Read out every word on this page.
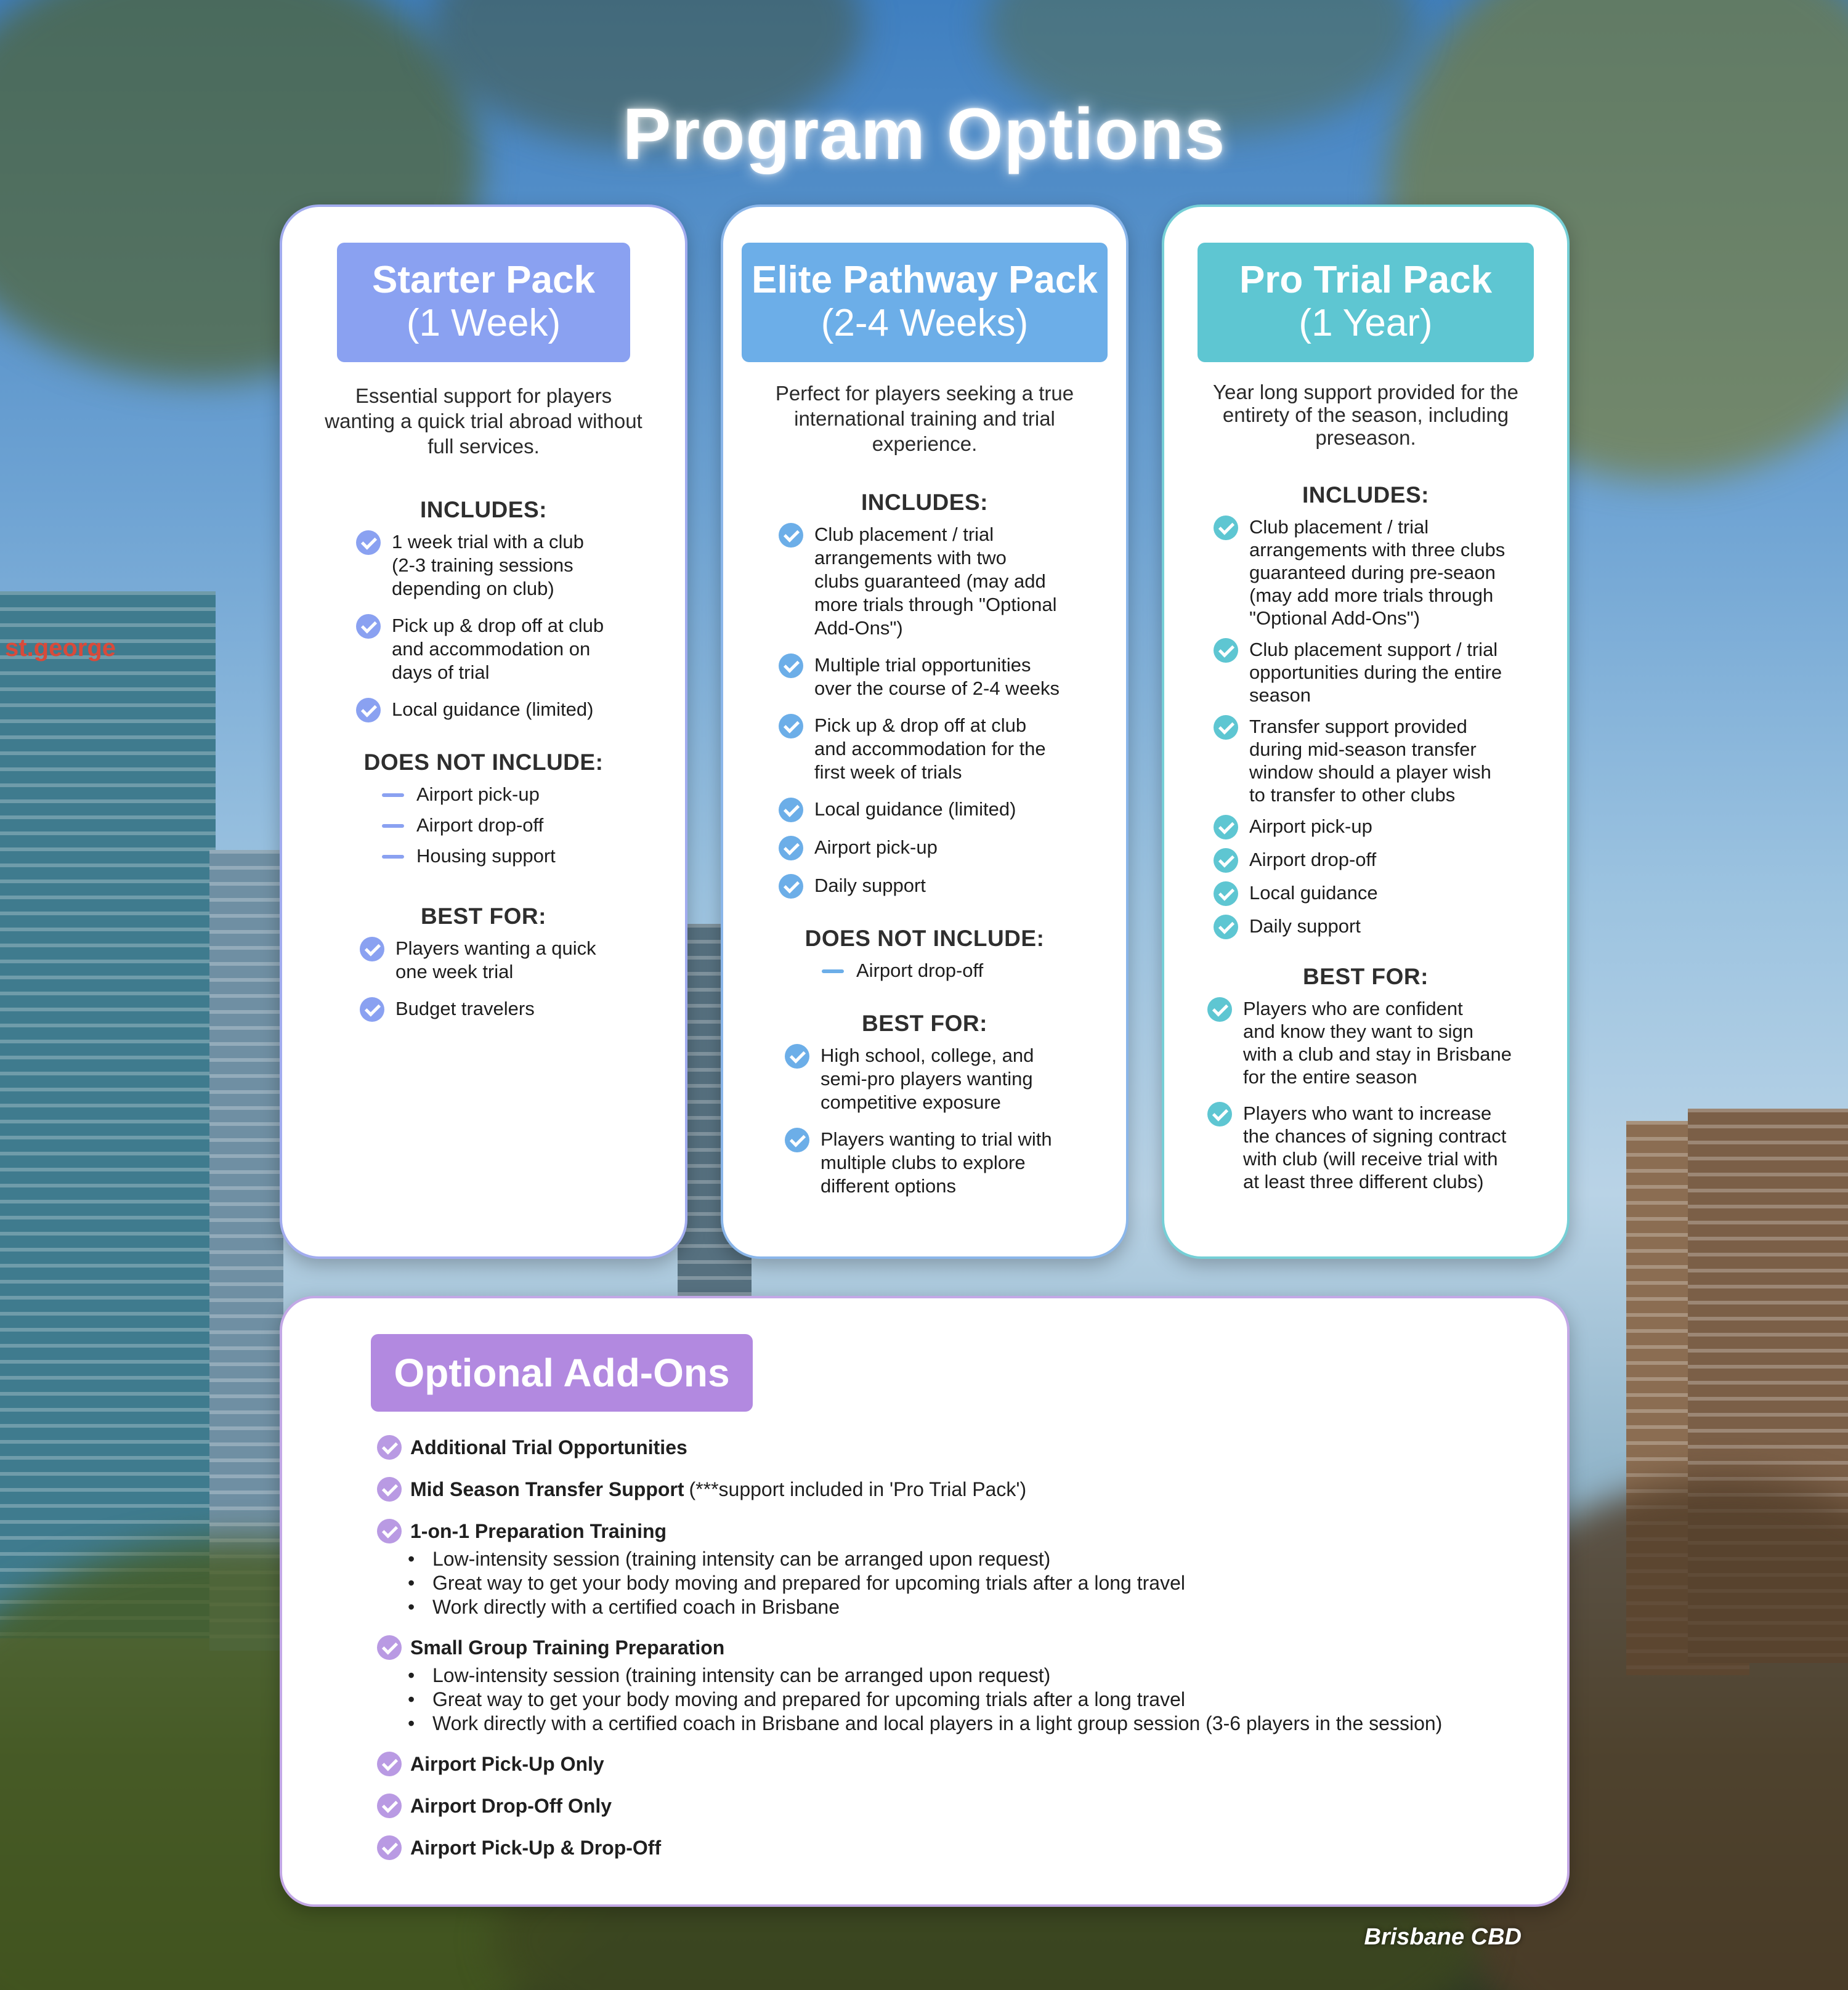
st.george
Program Options
Starter Pack
(1 Week)

Essential support for players wanting a quick trial abroad without full services.

INCLUDES:
1 week trial with a club
(2-3 training sessions
depending on club)
Pick up & drop off at club
and accommodation on
days of trial
Local guidance (limited)
DOES NOT INCLUDE:
Airport pick-up
Airport drop-off
Housing support
BEST FOR:
Players wanting a quick
one week trial
Budget travelers
Elite Pathway Pack
(2-4 Weeks)

Perfect for players seeking a true international training and trial experience.

INCLUDES:
Club placement / trial
arrangements with two
clubs guaranteed (may add
more trials through "Optional
Add-Ons")
Multiple trial opportunities
over the course of 2-4 weeks
Pick up & drop off at club
and accommodation for the
first week of trials
Local guidance (limited)
Airport pick-up
Daily support
DOES NOT INCLUDE:
Airport drop-off
BEST FOR:
High school, college, and
semi-pro players wanting
competitive exposure
Players wanting to trial with
multiple clubs to explore
different options
Pro Trial Pack
(1 Year)

Year long support provided for the entirety of the season, including preseason.

INCLUDES:
Club placement / trial
arrangements with three clubs
guaranteed during pre-seaon
(may add more trials through
"Optional Add-Ons")
Club placement support / trial
opportunities during the entire
season
Transfer support provided
during mid-season transfer
window should a player wish
to transfer to other clubs
Airport pick-up
Airport drop-off
Local guidance
Daily support
BEST FOR:
Players who are confident
and know they want to sign
with a club and stay in Brisbane
for the entire season
Players who want to increase
the chances of signing contract
with club (will receive trial with
at least three different clubs)
Optional Add-Ons
Additional Trial Opportunities
Mid Season Transfer Support (***support included in 'Pro Trial Pack')
1-on-1 Preparation Training
• Low-intensity session (training intensity can be arranged upon request)
• Great way to get your body moving and prepared for upcoming trials after a long travel
• Work directly with a certified coach in Brisbane
Small Group Training Preparation
• Low-intensity session (training intensity can be arranged upon request)
• Great way to get your body moving and prepared for upcoming trials after a long travel
• Work directly with a certified coach in Brisbane and local players in a light group session (3-6 players in the session)
Airport Pick-Up Only
Airport Drop-Off Only
Airport Pick-Up & Drop-Off
Brisbane CBD
